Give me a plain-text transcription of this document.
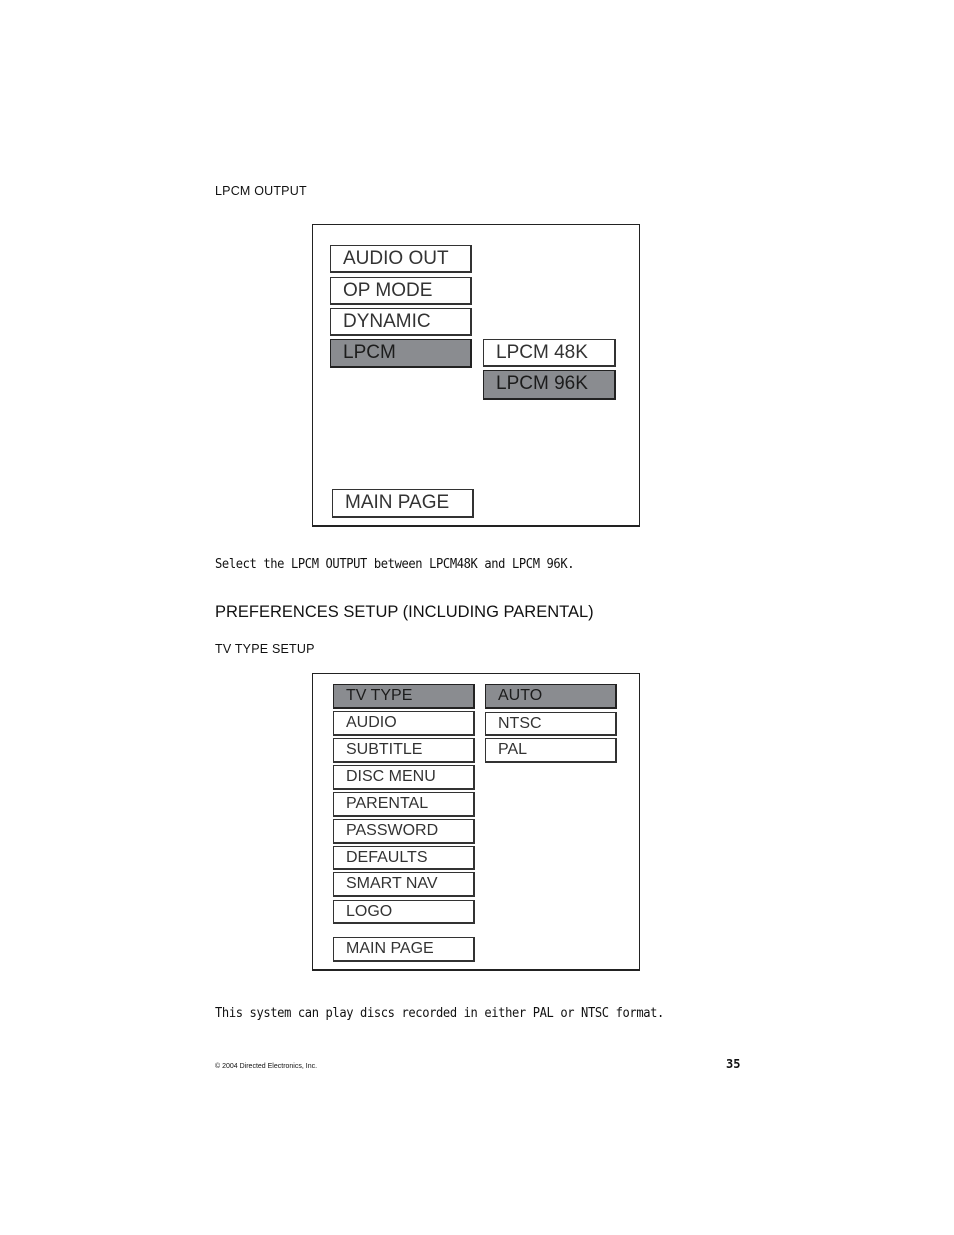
LPCM OUTPUT
AUDIO OUT
OP MODE
DYNAMIC
LPCM	LPCM 48K
LPCM 96K
MAIN PAGE
Select the LPCM OUTPUT between LPCM48K and LPCM 96K.
PREFERENCES SETUP (INCLUDING PARENTAL)
TV TYPE SETUP
TV TYPE
AUDIO
SUBTITLE
DISC MENU
PARENTAL
PASSWORD
DEFAULTS
SMART NAV
LOGO
AUTO
NTSC
PAL
MAIN PAGE
This system can play discs recorded in either PAL or NTSC format.
© 2004 Directed Electronics, Inc.	35
